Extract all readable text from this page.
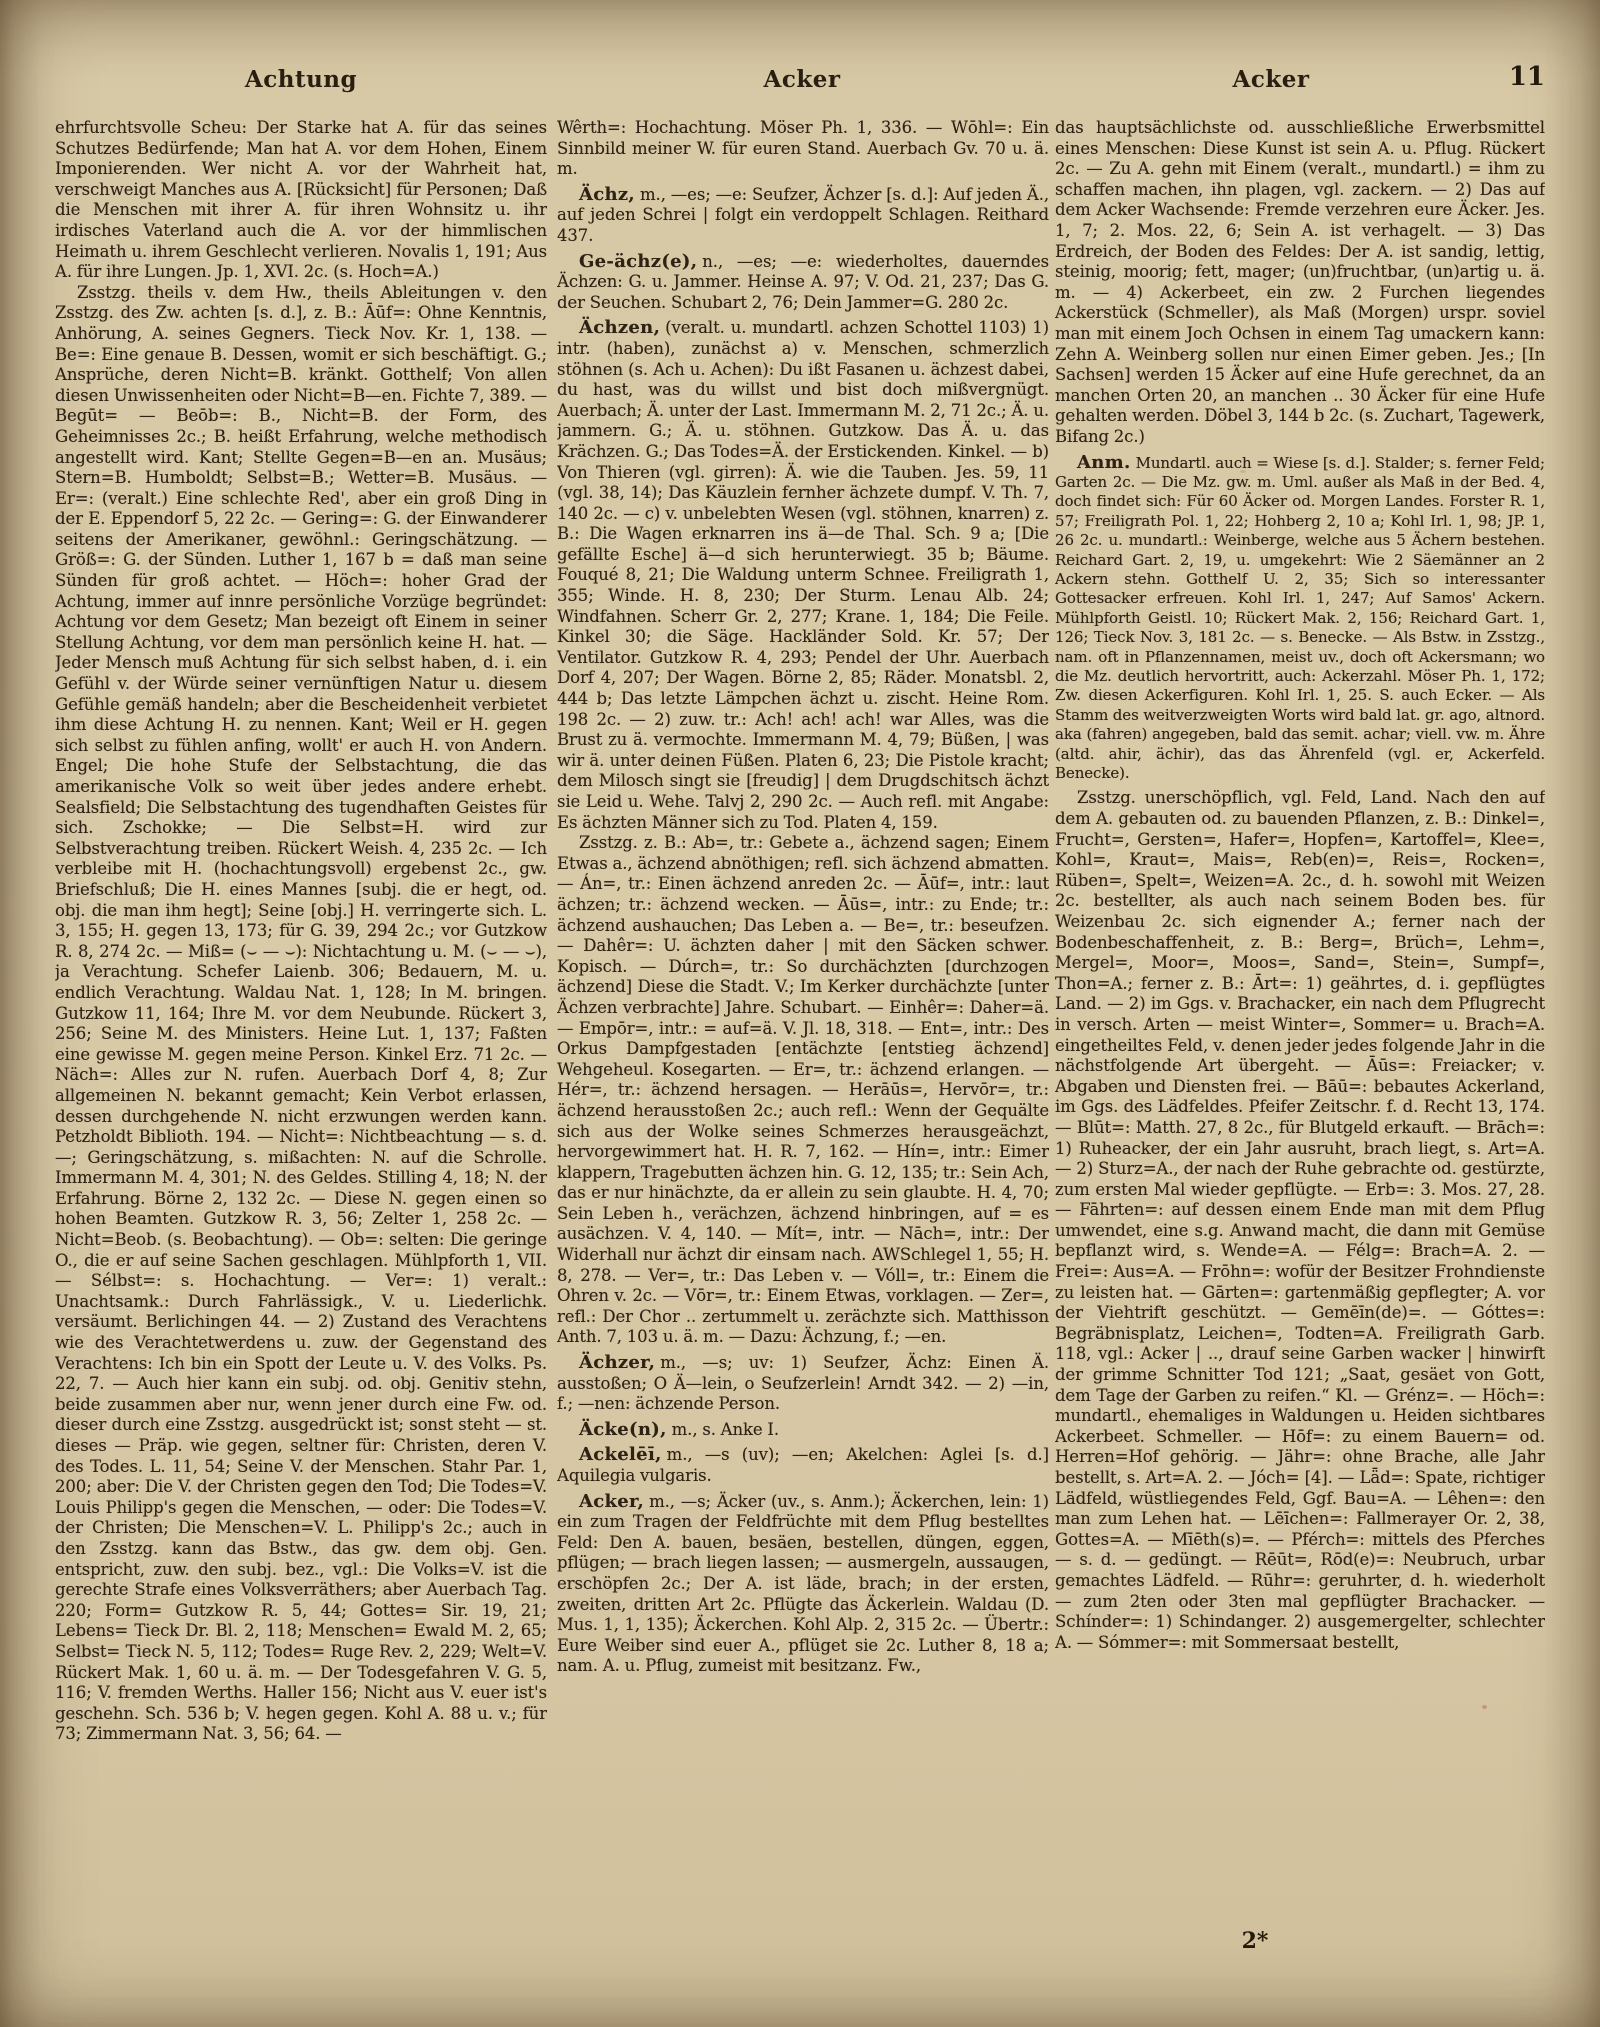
Achtung	Acker	Acker	11

ehrfurchtsvolle Scheu: Der Starke hat A. für das seines Schutzes Bedürfende; Man hat A. vor dem Hohen, Einem Imponierenden. Wer nicht A. vor der Wahrheit hat, verschweigt Manches aus A. [Rücksicht] für Personen; Daß die Menschen mit ihrer A. für ihren Wohnsitz u. ihr irdisches Vaterland auch die A. vor der himmlischen Heimath u. ihrem Geschlecht verlieren. Novalis 1, 191; Aus A. für ihre Lungen. Jp. 1, XVI. 2c. (s. Hoch=A.)

Zsstzg. theils v. dem Hw., theils Ableitungen v. den Zsstzg. des Zw. achten [s. d.], z. B.: Āūf=: Ohne Kenntnis, Anhörung, A. seines Gegners. Tieck Nov. Kr. 1, 138. — Be=: Eine genaue B. Dessen, womit er sich beschäftigt. G.; Ansprüche, deren Nicht=B. kränkt. Gotthelf; Von allen diesen Unwissenheiten oder Nicht=B—en. Fichte 7, 389. — Begūt= — Beōb=: B., Nicht=B. der Form, des Geheimnisses 2c.; B. heißt Erfahrung, welche methodisch angestellt wird. Kant; Stellte Gegen=B—en an. Musäus; Stern=B. Humboldt; Selbst=B.; Wetter=B. Musäus. — Er=: (veralt.) Eine schlechte Red', aber ein groß Ding in der E. Eppendorf 5, 22 2c. — Gering=: G. der Einwanderer seitens der Amerikaner, gewöhnl.: Geringschätzung. — Größ=: G. der Sünden. Luther 1, 167 b = daß man seine Sünden für groß achtet. — Höch=: hoher Grad der Achtung, immer auf innre persönliche Vorzüge begründet: Achtung vor dem Gesetz; Man bezeigt oft Einem in seiner Stellung Achtung, vor dem man persönlich keine H. hat. — Jeder Mensch muß Achtung für sich selbst haben, d. i. ein Gefühl v. der Würde seiner vernünftigen Natur u. diesem Gefühle gemäß handeln; aber die Bescheidenheit verbietet ihm diese Achtung H. zu nennen. Kant; Weil er H. gegen sich selbst zu fühlen anfing, wollt' er auch H. von Andern. Engel; Die hohe Stufe der Selbstachtung, die das amerikanische Volk so weit über jedes andere erhebt. Sealsfield; Die Selbstachtung des tugendhaften Geistes für sich. Zschokke; — Die Selbst=H. wird zur Selbstverachtung treiben. Rückert Weish. 4, 235 2c. — Ich verbleibe mit H. (hochachtungsvoll) ergebenst 2c., gw. Briefschluß; Die H. eines Mannes [subj. die er hegt, od. obj. die man ihm hegt]; Seine [obj.] H. verringerte sich. L. 3, 155; H. gegen 13, 173; für G. 39, 294 2c.; vor Gutzkow R. 8, 274 2c. — Miß= (⌣ — ⌣): Nichtachtung u. M. (⌣ — ⌣), ja Verachtung. Schefer Laienb. 306; Bedauern, M. u. endlich Verachtung. Waldau Nat. 1, 128; In M. bringen. Gutzkow 11, 164; Ihre M. vor dem Neubunde. Rückert 3, 256; Seine M. des Ministers. Heine Lut. 1, 137; Faßten eine gewisse M. gegen meine Person. Kinkel Erz. 71 2c. — Näch=: Alles zur N. rufen. Auerbach Dorf 4, 8; Zur allgemeinen N. bekannt gemacht; Kein Verbot erlassen, dessen durchgehende N. nicht erzwungen werden kann. Petzholdt Biblioth. 194. — Nicht=: Nichtbeachtung — s. d. —; Geringschätzung, s. mißachten: N. auf die Schrolle. Immermann M. 4, 301; N. des Geldes. Stilling 4, 18; N. der Erfahrung. Börne 2, 132 2c. — Diese N. gegen einen so hohen Beamten. Gutzkow R. 3, 56; Zelter 1, 258 2c. — Nicht=Beob. (s. Beobachtung). — Ob=: selten: Die geringe O., die er auf seine Sachen geschlagen. Mühlpforth 1, VII. — Sélbst=: s. Hochachtung. — Ver=: 1) veralt.: Unachtsamk.: Durch Fahrlässigk., V. u. Liederlichk. versäumt. Berlichingen 44. — 2) Zustand des Verachtens wie des Verachtetwerdens u. zuw. der Gegenstand des Verachtens: Ich bin ein Spott der Leute u. V. des Volks. Ps. 22, 7. — Auch hier kann ein subj. od. obj. Genitiv stehn, beide zusammen aber nur, wenn jener durch eine Fw. od. dieser durch eine Zsstzg. ausgedrückt ist; sonst steht — st. dieses — Präp. wie gegen, seltner für: Christen, deren V. des Todes. L. 11, 54; Seine V. der Menschen. Stahr Par. 1, 200; aber: Die V. der Christen gegen den Tod; Die Todes=V. Louis Philipp's gegen die Menschen, — oder: Die Todes=V. der Christen; Die Menschen=V. L. Philipp's 2c.; auch in den Zsstzg. kann das Bstw., das gw. dem obj. Gen. entspricht, zuw. den subj. bez., vgl.: Die Volks=V. ist die gerechte Strafe eines Volksverräthers; aber Auerbach Tag. 220; Form= Gutzkow R. 5, 44; Gottes= Sir. 19, 21; Lebens= Tieck Dr. Bl. 2, 118; Menschen= Ewald M. 2, 65; Selbst= Tieck N. 5, 112; Todes= Ruge Rev. 2, 229; Welt=V. Rückert Mak. 1, 60 u. ä. m. — Der Todesgefahren V. G. 5, 116; V. fremden Werths. Haller 156; Nicht aus V. euer ist's geschehn. Sch. 536 b; V. hegen gegen. Kohl A. 88 u. v.; für 73; Zimmermann Nat. 3, 56; 64. —

Wêrth=: Hochachtung. Möser Ph. 1, 336. — Wōhl=: Ein Sinnbild meiner W. für euren Stand. Auerbach Gv. 70 u. ä. m.

Ächz, m., —es; —e: Seufzer, Ächzer [s. d.]: Auf jeden Ä., auf jeden Schrei | folgt ein verdoppelt Schlagen. Reithard 437.

Ge-ächz(e), n., —es; —e: wiederholtes, dauerndes Ächzen: G. u. Jammer. Heinse A. 97; V. Od. 21, 237; Das G. der Seuchen. Schubart 2, 76; Dein Jammer=G. 280 2c.

Ächzen, (veralt. u. mundartl. achzen Schottel 1103) 1) intr. (haben), zunächst a) v. Menschen, schmerzlich stöhnen (s. Ach u. Achen): Du ißt Fasanen u. ächzest dabei, du hast, was du willst und bist doch mißvergnügt. Auerbach; Ä. unter der Last. Immermann M. 2, 71 2c.; Ä. u. jammern. G.; Ä. u. stöhnen. Gutzkow. Das Ä. u. das Krächzen. G.; Das Todes=Ä. der Erstickenden. Kinkel. — b) Von Thieren (vgl. girren): Ä. wie die Tauben. Jes. 59, 11 (vgl. 38, 14); Das Käuzlein fernher ächzete dumpf. V. Th. 7, 140 2c. — c) v. unbelebten Wesen (vgl. stöhnen, knarren) z. B.: Die Wagen erknarren ins ä—de Thal. Sch. 9 a; [Die gefällte Esche] ä—d sich herunterwiegt. 35 b; Bäume. Fouqué 8, 21; Die Waldung unterm Schnee. Freiligrath 1, 355; Winde. H. 8, 230; Der Sturm. Lenau Alb. 24; Windfahnen. Scherr Gr. 2, 277; Krane. 1, 184; Die Feile. Kinkel 30; die Säge. Hackländer Sold. Kr. 57; Der Ventilator. Gutzkow R. 4, 293; Pendel der Uhr. Auerbach Dorf 4, 207; Der Wagen. Börne 2, 85; Räder. Monatsbl. 2, 444 b; Das letzte Lämpchen ächzt u. zischt. Heine Rom. 198 2c. — 2) zuw. tr.: Ach! ach! ach! war Alles, was die Brust zu ä. vermochte. Immermann M. 4, 79; Büßen, | was wir ä. unter deinen Füßen. Platen 6, 23; Die Pistole kracht; dem Milosch singt sie [freudig] | dem Drugdschitsch ächzt sie Leid u. Wehe. Talvj 2, 290 2c. — Auch refl. mit Angabe: Es ächzten Männer sich zu Tod. Platen 4, 159.

Zsstzg. z. B.: Ab=, tr.: Gebete a., ächzend sagen; Einem Etwas a., ächzend abnöthigen; refl. sich ächzend abmatten. — Án=, tr.: Einen ächzend anreden 2c. — Āūf=, intr.: laut ächzen; tr.: ächzend wecken. — Āūs=, intr.: zu Ende; tr.: ächzend aushauchen; Das Leben a. — Be=, tr.: beseufzen. — Dahêr=: U. ächzten daher | mit den Säcken schwer. Kopisch. — Dúrch=, tr.: So durchächzten [durchzogen ächzend] Diese die Stadt. V.; Im Kerker durchächzte [unter Ächzen verbrachte] Jahre. Schubart. — Einhêr=: Daher=ä. — Empōr=, intr.: = auf=ä. V. Jl. 18, 318. — Ent=, intr.: Des Orkus Dampfgestaden [entächzte [entstieg ächzend] Wehgeheul. Kosegarten. — Er=, tr.: ächzend erlangen. — Hér=, tr.: ächzend hersagen. — Herāūs=, Hervōr=, tr.: ächzend herausstoßen 2c.; auch refl.: Wenn der Gequälte sich aus der Wolke seines Schmerzes herausgeächzt, hervorgewimmert hat. H. R. 7, 162. — Hín=, intr.: Eimer klappern, Tragebutten ächzen hin. G. 12, 135; tr.: Sein Ach, das er nur hinächzte, da er allein zu sein glaubte. H. 4, 70; Sein Leben h., verächzen, ächzend hinbringen, auf = es ausächzen. V. 4, 140. — Mít=, intr. — Nāch=, intr.: Der Widerhall nur ächzt dir einsam nach. AWSchlegel 1, 55; H. 8, 278. — Ver=, tr.: Das Leben v. — Vóll=, tr.: Einem die Ohren v. 2c. — Vōr=, tr.: Einem Etwas, vorklagen. — Zer=, refl.: Der Chor .. zertummelt u. zerächzte sich. Matthisson Anth. 7, 103 u. ä. m. — Dazu: Ächzung, f.; —en.

Ächzer, m., —s; uv: 1) Seufzer, Ächz: Einen Ä. ausstoßen; O Ä—lein, o Seufzerlein! Arndt 342. — 2) —in, f.; —nen: ächzende Person.

Äcke(n), m., s. Anke I.

Ackelēī, m., —s (uv); —en; Akelchen: Aglei [s. d.] Aquilegia vulgaris.

Acker, m., —s; Äcker (uv., s. Anm.); Äckerchen, lein: 1) ein zum Tragen der Feldfrüchte mit dem Pflug bestelltes Feld: Den A. bauen, besäen, bestellen, düngen, eggen, pflügen; — brach liegen lassen; — ausmergeln, aussaugen, erschöpfen 2c.; Der A. ist läde, brach; in der ersten, zweiten, dritten Art 2c. Pflügte das Äckerlein. Waldau (D. Mus. 1, 1, 135); Äckerchen. Kohl Alp. 2, 315 2c. — Übertr.: Eure Weiber sind euer A., pflüget sie 2c. Luther 8, 18 a; nam. A. u. Pflug, zumeist mit besitzanz. Fw.,

das hauptsächlichste od. ausschließliche Erwerbsmittel eines Menschen: Diese Kunst ist sein A. u. Pflug. Rückert 2c. — Zu A. gehn mit Einem (veralt., mundartl.) = ihm zu schaffen machen, ihn plagen, vgl. zackern. — 2) Das auf dem Acker Wachsende: Fremde verzehren eure Äcker. Jes. 1, 7; 2. Mos. 22, 6; Sein A. ist verhagelt. — 3) Das Erdreich, der Boden des Feldes: Der A. ist sandig, lettig, steinig, moorig; fett, mager; (un)fruchtbar, (un)artig u. ä. m. — 4) Ackerbeet, ein zw. 2 Furchen liegendes Ackerstück (Schmeller), als Maß (Morgen) urspr. soviel man mit einem Joch Ochsen in einem Tag umackern kann: Zehn A. Weinberg sollen nur einen Eimer geben. Jes.; [In Sachsen] werden 15 Äcker auf eine Hufe gerechnet, da an manchen Orten 20, an manchen .. 30 Äcker für eine Hufe gehalten werden. Döbel 3, 144 b 2c. (s. Zuchart, Tagewerk, Bifang 2c.)

Anm. Mundartl. auch = Wiese [s. d.]. Stalder; s. ferner Feld; Garten 2c. — Die Mz. gw. m. Uml. außer als Maß in der Bed. 4, doch findet sich: Für 60 Äcker od. Morgen Landes. Forster R. 1, 57; Freiligrath Pol. 1, 22; Hohberg 2, 10 a; Kohl Irl. 1, 98; JP. 1, 26 2c. u. mundartl.: Weinberge, welche aus 5 Ächern bestehen. Reichard Gart. 2, 19, u. umgekehrt: Wie 2 Säemänner an 2 Ackern stehn. Gotthelf U. 2, 35; Sich so interessanter Gottesacker erfreuen. Kohl Irl. 1, 247; Auf Samos' Ackern. Mühlpforth Geistl. 10; Rückert Mak. 2, 156; Reichard Gart. 1, 126; Tieck Nov. 3, 181 2c. — s. Benecke. — Als Bstw. in Zsstzg., nam. oft in Pflanzennamen, meist uv., doch oft Ackersmann; wo die Mz. deutlich hervortritt, auch: Ackerzahl. Möser Ph. 1, 172; Zw. diesen Ackerfiguren. Kohl Irl. 1, 25. S. auch Ecker. — Als Stamm des weitverzweigten Worts wird bald lat. gr. ago, altnord. aka (fahren) angegeben, bald das semit. achar; viell. vw. m. Ähre (altd. ahir, ächir), das das Ährenfeld (vgl. er, Ackerfeld. Benecke).

Zsstzg. unerschöpflich, vgl. Feld, Land. Nach den auf dem A. gebauten od. zu bauenden Pflanzen, z. B.: Dinkel=, Frucht=, Gersten=, Hafer=, Hopfen=, Kartoffel=, Klee=, Kohl=, Kraut=, Mais=, Reb(en)=, Reis=, Rocken=, Rüben=, Spelt=, Weizen=A. 2c., d. h. sowohl mit Weizen 2c. bestellter, als auch nach seinem Boden bes. für Weizenbau 2c. sich eignender A.; ferner nach der Bodenbeschaffenheit, z. B.: Berg=, Brüch=, Lehm=, Mergel=, Moor=, Moos=, Sand=, Stein=, Sumpf=, Thon=A.; ferner z. B.: Ārt=: 1) geährtes, d. i. gepflügtes Land. — 2) im Ggs. v. Brachacker, ein nach dem Pflugrecht in versch. Arten — meist Winter=, Sommer= u. Brach=A. eingetheiltes Feld, v. denen jeder jedes folgende Jahr in die nächstfolgende Art übergeht. — Āūs=: Freiacker; v. Abgaben und Diensten frei. — Bāū=: bebautes Ackerland, im Ggs. des Lädfeldes. Pfeifer Zeitschr. f. d. Recht 13, 174. — Blūt=: Matth. 27, 8 2c., für Blutgeld erkauft. — Brāch=: 1) Ruheacker, der ein Jahr ausruht, brach liegt, s. Art=A. — 2) Sturz=A., der nach der Ruhe gebrachte od. gestürzte, zum ersten Mal wieder gepflügte. — Erb=: 3. Mos. 27, 28. — Fāhrten=: auf dessen einem Ende man mit dem Pflug umwendet, eine s.g. Anwand macht, die dann mit Gemüse bepflanzt wird, s. Wende=A. — Félg=: Brach=A. 2. — Frei=: Aus=A. — Frōhn=: wofür der Besitzer Frohndienste zu leisten hat. — Gārten=: gartenmäßig gepflegter; A. vor der Viehtrift geschützt. — Gemēīn(de)=. — Góttes=: Begräbnisplatz, Leichen=, Todten=A. Freiligrath Garb. 118, vgl.: Acker | .., drauf seine Garben wacker | hinwirft der grimme Schnitter Tod 121; „Saat, gesäet von Gott, dem Tage der Garben zu reifen.“ Kl. — Grénz=. — Höch=: mundartl., ehemaliges in Waldungen u. Heiden sichtbares Ackerbeet. Schmeller. — Hōf=: zu einem Bauern= od. Herren=Hof gehörig. — Jähr=: ohne Brache, alle Jahr bestellt, s. Art=A. 2. — Jóch= [4]. — Lǟd=: Spate, richtiger Lädfeld, wüstliegendes Feld, Ggf. Bau=A. — Lêhen=: den man zum Lehen hat. — Lēīchen=: Fallmerayer Or. 2, 38, Gottes=A. — Mīēth(s)=. — Pférch=: mittels des Pferches — s. d. — gedüngt. — Rēūt=, Rōd(e)=: Neubruch, urbar gemachtes Lädfeld. — Rūhr=: geruhrter, d. h. wiederholt — zum 2ten oder 3ten mal gepflügter Brachacker. — Schínder=: 1) Schindanger. 2) ausgemergelter, schlechter A. — Sómmer=: mit Sommersaat bestellt,

2*
